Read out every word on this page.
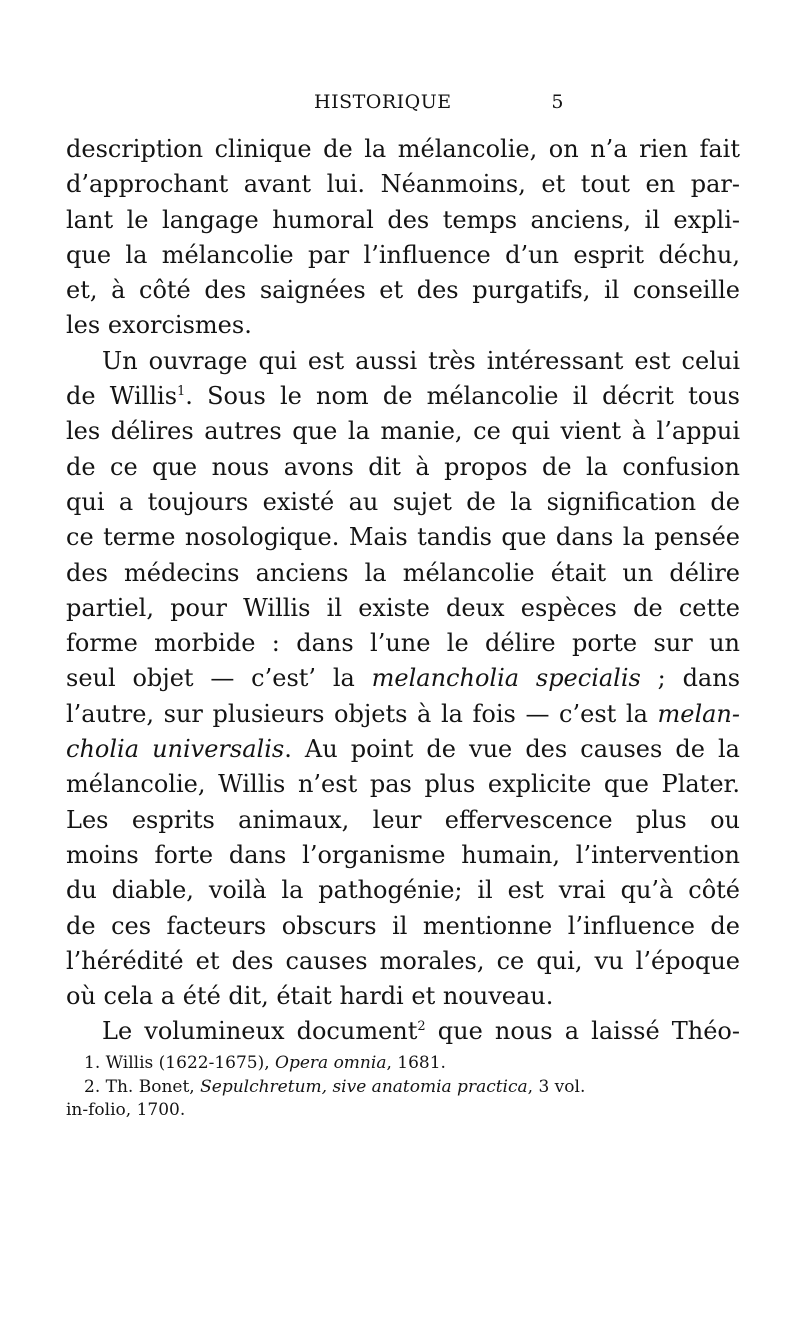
HISTORIQUE	5
description clinique de la mélancolie, on n’a rien fait
d’approchant avant lui. Néanmoins, et tout en par-
lant le langage humoral des temps anciens, il expli-
que la mélancolie par l’influence d’un esprit déchu,
et, à côté des saignées et des purgatifs, il conseille
les exorcismes.
Un ouvrage qui est aussi très intéressant est celui
de Willis$^1$. Sous le nom de mélancolie il décrit tous
les délires autres que la manie, ce qui vient à l’appui
de ce que nous avons dit à propos de la confusion
qui a toujours existé au sujet de la signification de
ce terme nosologique. Mais tandis que dans la pensée
des médecins anciens la mélancolie était un délire
partiel, pour Willis il existe deux espèces de cette
forme morbide : dans l’une le délire porte sur un
seul objet — c’est’ la melancholia specialis ; dans
l’autre, sur plusieurs objets à la fois — c’est la melan-
cholia universalis. Au point de vue des causes de la
mélancolie, Willis n’est pas plus explicite que Plater.
Les esprits animaux, leur effervescence plus ou
moins forte dans l’organisme humain, l’intervention
du diable, voilà la pathogénie; il est vrai qu’à côté
de ces facteurs obscurs il mentionne l’influence de
l’hérédité et des causes morales, ce qui, vu l’époque
où cela a été dit, était hardi et nouveau.
Le volumineux document$^2$ que nous a laissé Théo-
1. Willis (1622-1675), Opera omnia, 1681.
2. Th. Bonet, Sepulchretum, sive anatomia practica, 3 vol.
in-folio, 1700.
